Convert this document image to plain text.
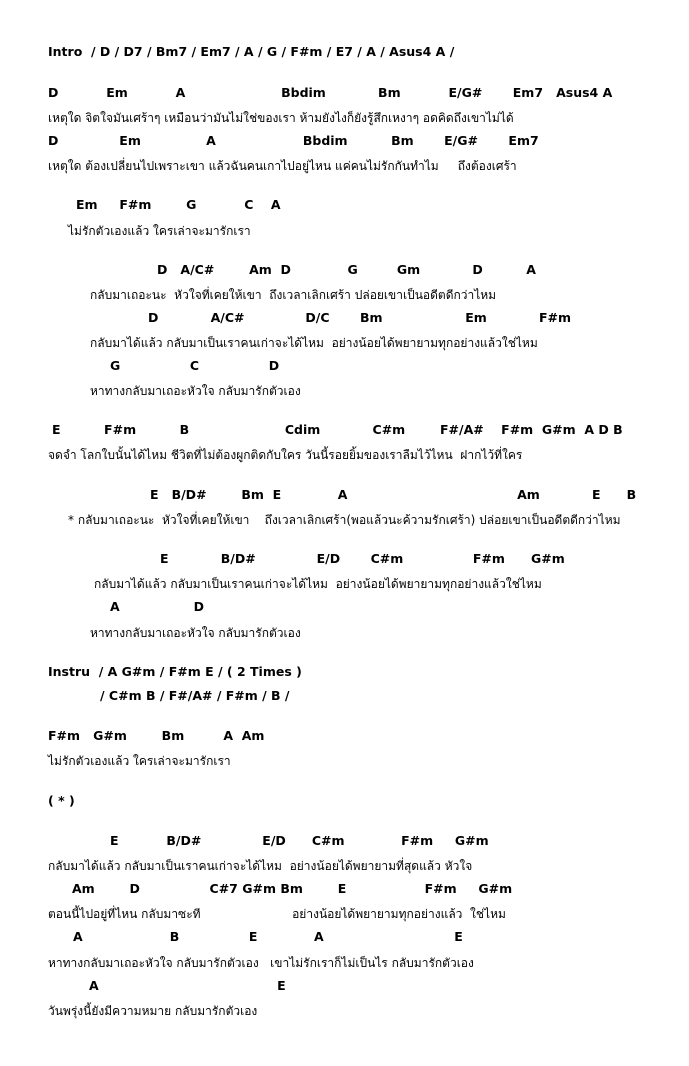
Intro  / D / D7 / Bm7 / Em7 / A / G / F#m / E7 / A / Asus4 A /
D           Em           A                      Bbdim            Bm           E/G#       Em7   Asus4 A
เหตุใด จิตใจมันเศร้าๆ เหมือนว่ามันไม่ใช่ของเรา ห้ามยังไงก็ยังรู้สึกเหงาๆ อดคิดถึงเขาไม่ได้
D              Em               A                    Bbdim          Bm       E/G#       Em7
เหตุใด ต้องเปลี่ยนไปเพราะเขา แล้วฉันคนเกาไปอยู่ไหน แค่คนไม่รักกันทำไม     ถึงต้องเศร้า
Em     F#m        G           C    A
ไม่รักตัวเองแล้ว ใครเล่าจะมารักเรา
D   A/C#        Am  D             G         Gm            D          A
กลับมาเถอะนะ  หัวใจที่เคยให้เขา  ถึงเวลาเลิกเศร้า ปล่อยเขาเป็นอดีตดีกว่าไหม
D            A/C#              D/C       Bm                   Em            F#m
กลับมาได้แล้ว กลับมาเป็นเราคนเก่าจะได้ไหม  อย่างน้อยได้พยายามทุกอย่างแล้วใช่ไหม
G                C                D
หาทางกลับมาเถอะหัวใจ กลับมารักตัวเอง
E          F#m          B                      Cdim            C#m        F#/A#    F#m  G#m  A D B
จดจำ โลกใบนั้นได้ไหม ชีวิตที่ไม่ต้องผูกติดกับใคร วันนี้รอยยิ้มของเราลืมไว้ไหน  ฝากไว้ที่ใคร
E   B/D#        Bm  E             A                                       Am            E      B
* กลับมาเถอะนะ  หัวใจที่เคยให้เขา    ถึงเวลาเลิกเศร้า(พอแล้วนะค้วามรักเศร้า) ปล่อยเขาเป็นอดีตดีกว่าไหม
E            B/D#              E/D       C#m                F#m      G#m
กลับมาได้แล้ว กลับมาเป็นเราคนเก่าจะได้ไหม  อย่างน้อยได้พยายามทุกอย่างแล้วใช่ไหม
A                 D
หาทางกลับมาเถอะหัวใจ กลับมารักตัวเอง
Instru  / A G#m / F#m E / ( 2 Times )
/ C#m B / F#/A# / F#m / B /
F#m   G#m        Bm         A  Am
ไม่รักตัวเองแล้ว ใครเล่าจะมารักเรา
( * )
E           B/D#              E/D      C#m             F#m     G#m
กลับมาได้แล้ว กลับมาเป็นเราคนเก่าจะได้ไหม  อย่างน้อยได้พยายามที่สุดแล้ว หัวใจ
Am        D                C#7 G#m Bm        E                  F#m     G#m
ตอนนี้ไปอยู่ที่ไหน กลับมาซะที                        อย่างน้อยได้พยายามทุกอย่างแล้ว  ใช่ไหม
A                    B                E             A                              E
หาทางกลับมาเถอะหัวใจ กลับมารักตัวเอง   เขาไม่รักเราก็ไม่เป็นไร กลับมารักตัวเอง
A                                         E
วันพรุ่งนี้ยังมีความหมาย กลับมารักตัวเอง
